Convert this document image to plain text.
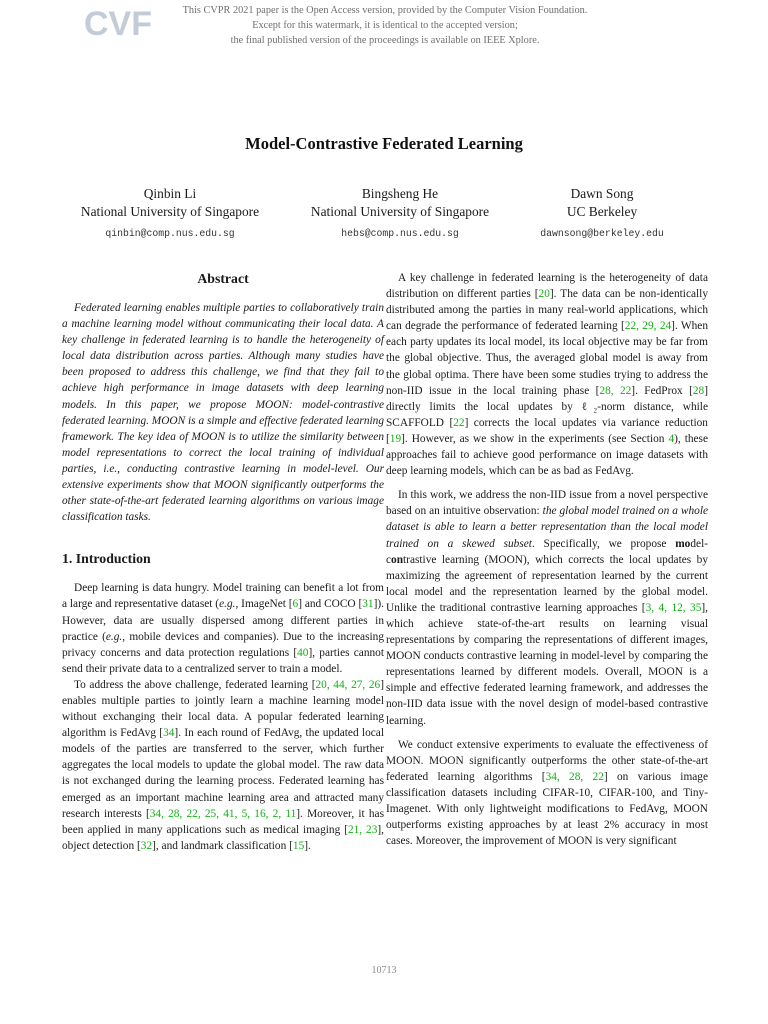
CVF	This CVPR 2021 paper is the Open Access version, provided by the Computer Vision Foundation.
Except for this watermark, it is identical to the accepted version;
the final published version of the proceedings is available on IEEE Xplore.
Model-Contrastive Federated Learning
Qinbin Li
National University of Singapore
qinbin@comp.nus.edu.sg
Bingsheng He
National University of Singapore
hebs@comp.nus.edu.sg
Dawn Song
UC Berkeley
dawnsong@berkeley.edu
Abstract

Federated learning enables multiple parties to collaboratively train a machine learning model without communicating their local data. A key challenge in federated learning is to handle the heterogeneity of local data distribution across parties. Although many studies have been proposed to address this challenge, we find that they fail to achieve high performance in image datasets with deep learning models. In this paper, we propose MOON: model-contrastive federated learning. MOON is a simple and effective federated learning framework. The key idea of MOON is to utilize the similarity between model representations to correct the local training of individual parties, i.e., conducting contrastive learning in model-level. Our extensive experiments show that MOON significantly outperforms the other state-of-the-art federated learning algorithms on various image classification tasks.

1. Introduction

Deep learning is data hungry. Model training can benefit a lot from a large and representative dataset (e.g., ImageNet [6] and COCO [31]). However, data are usually dispersed among different parties in practice (e.g., mobile devices and companies). Due to the increasing privacy concerns and data protection regulations [40], parties cannot send their private data to a centralized server to train a model.

To address the above challenge, federated learning [20, 44, 27, 26] enables multiple parties to jointly learn a machine learning model without exchanging their local data. A popular federated learning algorithm is FedAvg [34]. In each round of FedAvg, the updated local models of the parties are transferred to the server, which further aggregates the local models to update the global model. The raw data is not exchanged during the learning process. Federated learning has emerged as an important machine learning area and attracted many research interests [34, 28, 22, 25, 41, 5, 16, 2, 11]. Moreover, it has been applied in many applications such as medical imaging [21, 23], object detection [32], and landmark classification [15].

A key challenge in federated learning is the heterogeneity of data distribution on different parties [20]. The data can be non-identically distributed among the parties in many real-world applications, which can degrade the performance of federated learning [22, 29, 24]. When each party updates its local model, its local objective may be far from the global objective. Thus, the averaged global model is away from the global optima. There have been some studies trying to address the non-IID issue in the local training phase [28, 22]. FedProx [28] directly limits the local updates by ℓ₂-norm distance, while SCAFFOLD [22] corrects the local updates via variance reduction [19]. However, as we show in the experiments (see Section 4), these approaches fail to achieve good performance on image datasets with deep learning models, which can be as bad as FedAvg.

In this work, we address the non-IID issue from a novel perspective based on an intuitive observation: the global model trained on a whole dataset is able to learn a better representation than the local model trained on a skewed subset. Specifically, we propose model-contrastive learning (MOON), which corrects the local updates by maximizing the agreement of representation learned by the current local model and the representation learned by the global model. Unlike the traditional contrastive learning approaches [3, 4, 12, 35], which achieve state-of-the-art results on learning visual representations by comparing the representations of different images, MOON conducts contrastive learning in model-level by comparing the representations learned by different models. Overall, MOON is a simple and effective federated learning framework, and addresses the non-IID data issue with the novel design of model-based contrastive learning.

We conduct extensive experiments to evaluate the effectiveness of MOON. MOON significantly outperforms the other state-of-the-art federated learning algorithms [34, 28, 22] on various image classification datasets including CIFAR-10, CIFAR-100, and Tiny-Imagenet. With only lightweight modifications to FedAvg, MOON outperforms existing approaches by at least 2% accuracy in most cases. Moreover, the improvement of MOON is very significant

10713
